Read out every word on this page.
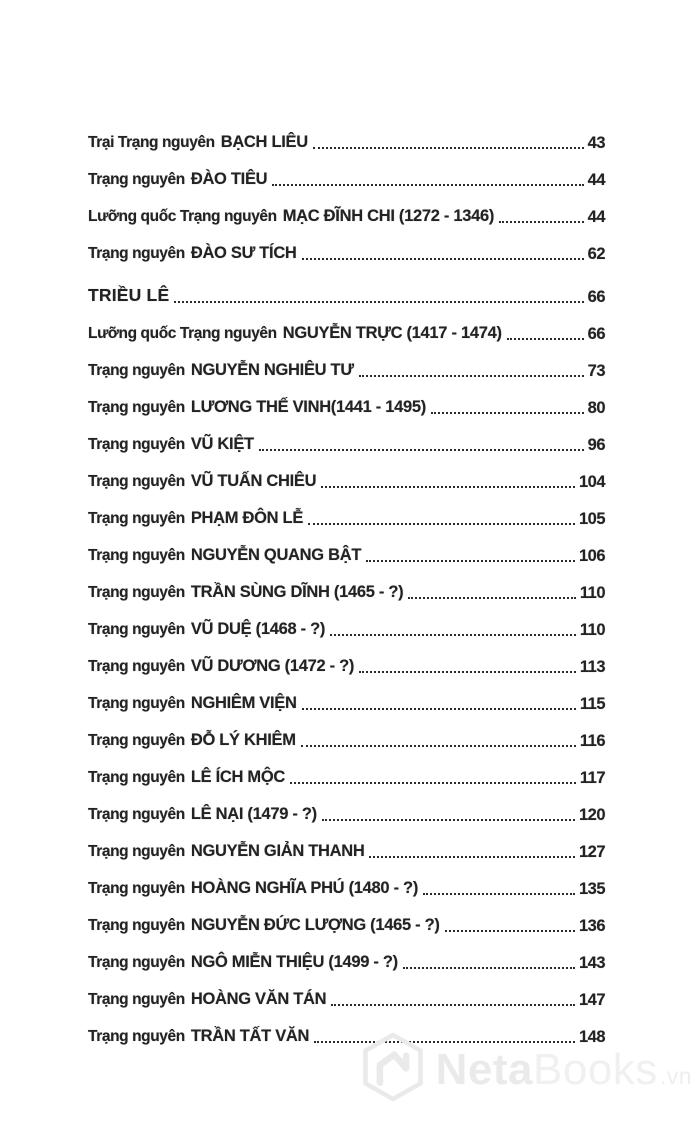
Trại Trạng nguyên BẠCH LIÊU	43
Trạng nguyên ĐÀO TIÊU	44
Lưỡng quốc Trạng nguyên MẠC ĐĨNH CHI (1272 - 1346)	44
Trạng nguyên ĐÀO SƯ TÍCH	62
TRIỀU LÊ	66
Lưỡng quốc Trạng nguyên NGUYỄN TRỰC (1417 - 1474)	66
Trạng nguyên NGUYỄN NGHIÊU TƯ	73
Trạng nguyên LƯƠNG THẾ VINH(1441 - 1495)	80
Trạng nguyên VŨ KIỆT	96
Trạng nguyên VŨ TUẤN CHIÊU	104
Trạng nguyên PHẠM ĐÔN LỄ	105
Trạng nguyên NGUYỄN QUANG BẬT	106
Trạng nguyên TRẦN SÙNG DĨNH (1465 - ?)	110
Trạng nguyên VŨ DUỆ (1468 - ?)	110
Trạng nguyên VŨ DƯƠNG (1472 - ?)	113
Trạng nguyên NGHIÊM VIỆN	115
Trạng nguyên ĐỖ LÝ KHIÊM	116
Trạng nguyên LÊ ÍCH MỘC	117
Trạng nguyên LÊ NẠI (1479 - ?)	120
Trạng nguyên NGUYỄN GIẢN THANH	127
Trạng nguyên HOÀNG NGHĨA PHÚ (1480 - ?)	135
Trạng nguyên NGUYỄN ĐỨC LƯỢNG (1465 - ?)	136
Trạng nguyên NGÔ MIỄN THIỆU (1499 - ?)	143
Trạng nguyên HOÀNG VĂN TÁN	147
Trạng nguyên TRẦN TẤT VĂN	148
NetaBooks.vn
